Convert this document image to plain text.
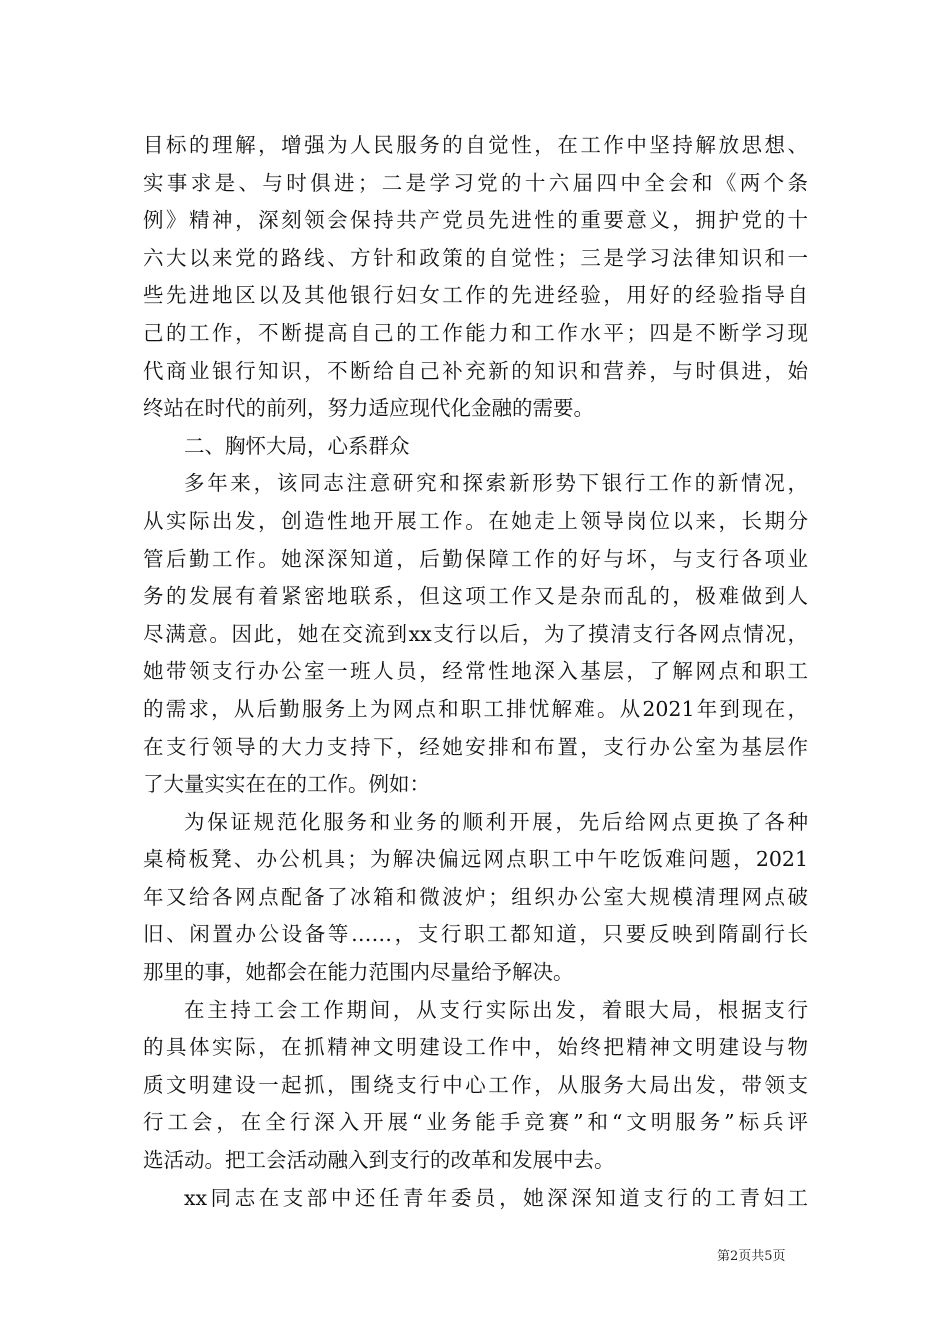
目标的理解，增强为人民服务的自觉性，在工作中坚持解放思想、
实事求是、与时俱进；二是学习党的十六届四中全会和《两个条
例》精神，深刻领会保持共产党员先进性的重要意义，拥护党的十
六大以来党的路线、方针和政策的自觉性；三是学习法律知识和一
些先进地区以及其他银行妇女工作的先进经验，用好的经验指导自
己的工作，不断提高自己的工作能力和工作水平；四是不断学习现
代商业银行知识，不断给自己补充新的知识和营养，与时俱进，始
终站在时代的前列，努力适应现代化金融的需要。
二、胸怀大局，心系群众
多年来，该同志注意研究和探索新形势下银行工作的新情况，
从实际出发，创造性地开展工作。在她走上领导岗位以来，长期分
管后勤工作。她深深知道，后勤保障工作的好与坏，与支行各项业
务的发展有着紧密地联系，但这项工作又是杂而乱的，极难做到人
尽满意。因此，她在交流到xx支行以后，为了摸清支行各网点情况，
她带领支行办公室一班人员，经常性地深入基层，了解网点和职工
的需求，从后勤服务上为网点和职工排忧解难。从2021年到现在，
在支行领导的大力支持下，经她安排和布置，支行办公室为基层作
了大量实实在在的工作。例如：
为保证规范化服务和业务的顺利开展，先后给网点更换了各种
桌椅板凳、办公机具；为解决偏远网点职工中午吃饭难问题，2021
年又给各网点配备了冰箱和微波炉；组织办公室大规模清理网点破
旧、闲置办公设备等……，支行职工都知道，只要反映到隋副行长
那里的事，她都会在能力范围内尽量给予解决。
在主持工会工作期间，从支行实际出发，着眼大局，根据支行
的具体实际，在抓精神文明建设工作中，始终把精神文明建设与物
质文明建设一起抓，围绕支行中心工作，从服务大局出发，带领支
行工会，在全行深入开展“业务能手竞赛”和“文明服务”标兵评
选活动。把工会活动融入到支行的改革和发展中去。
xx同志在支部中还任青年委员，她深深知道支行的工青妇工
第2页共5页
